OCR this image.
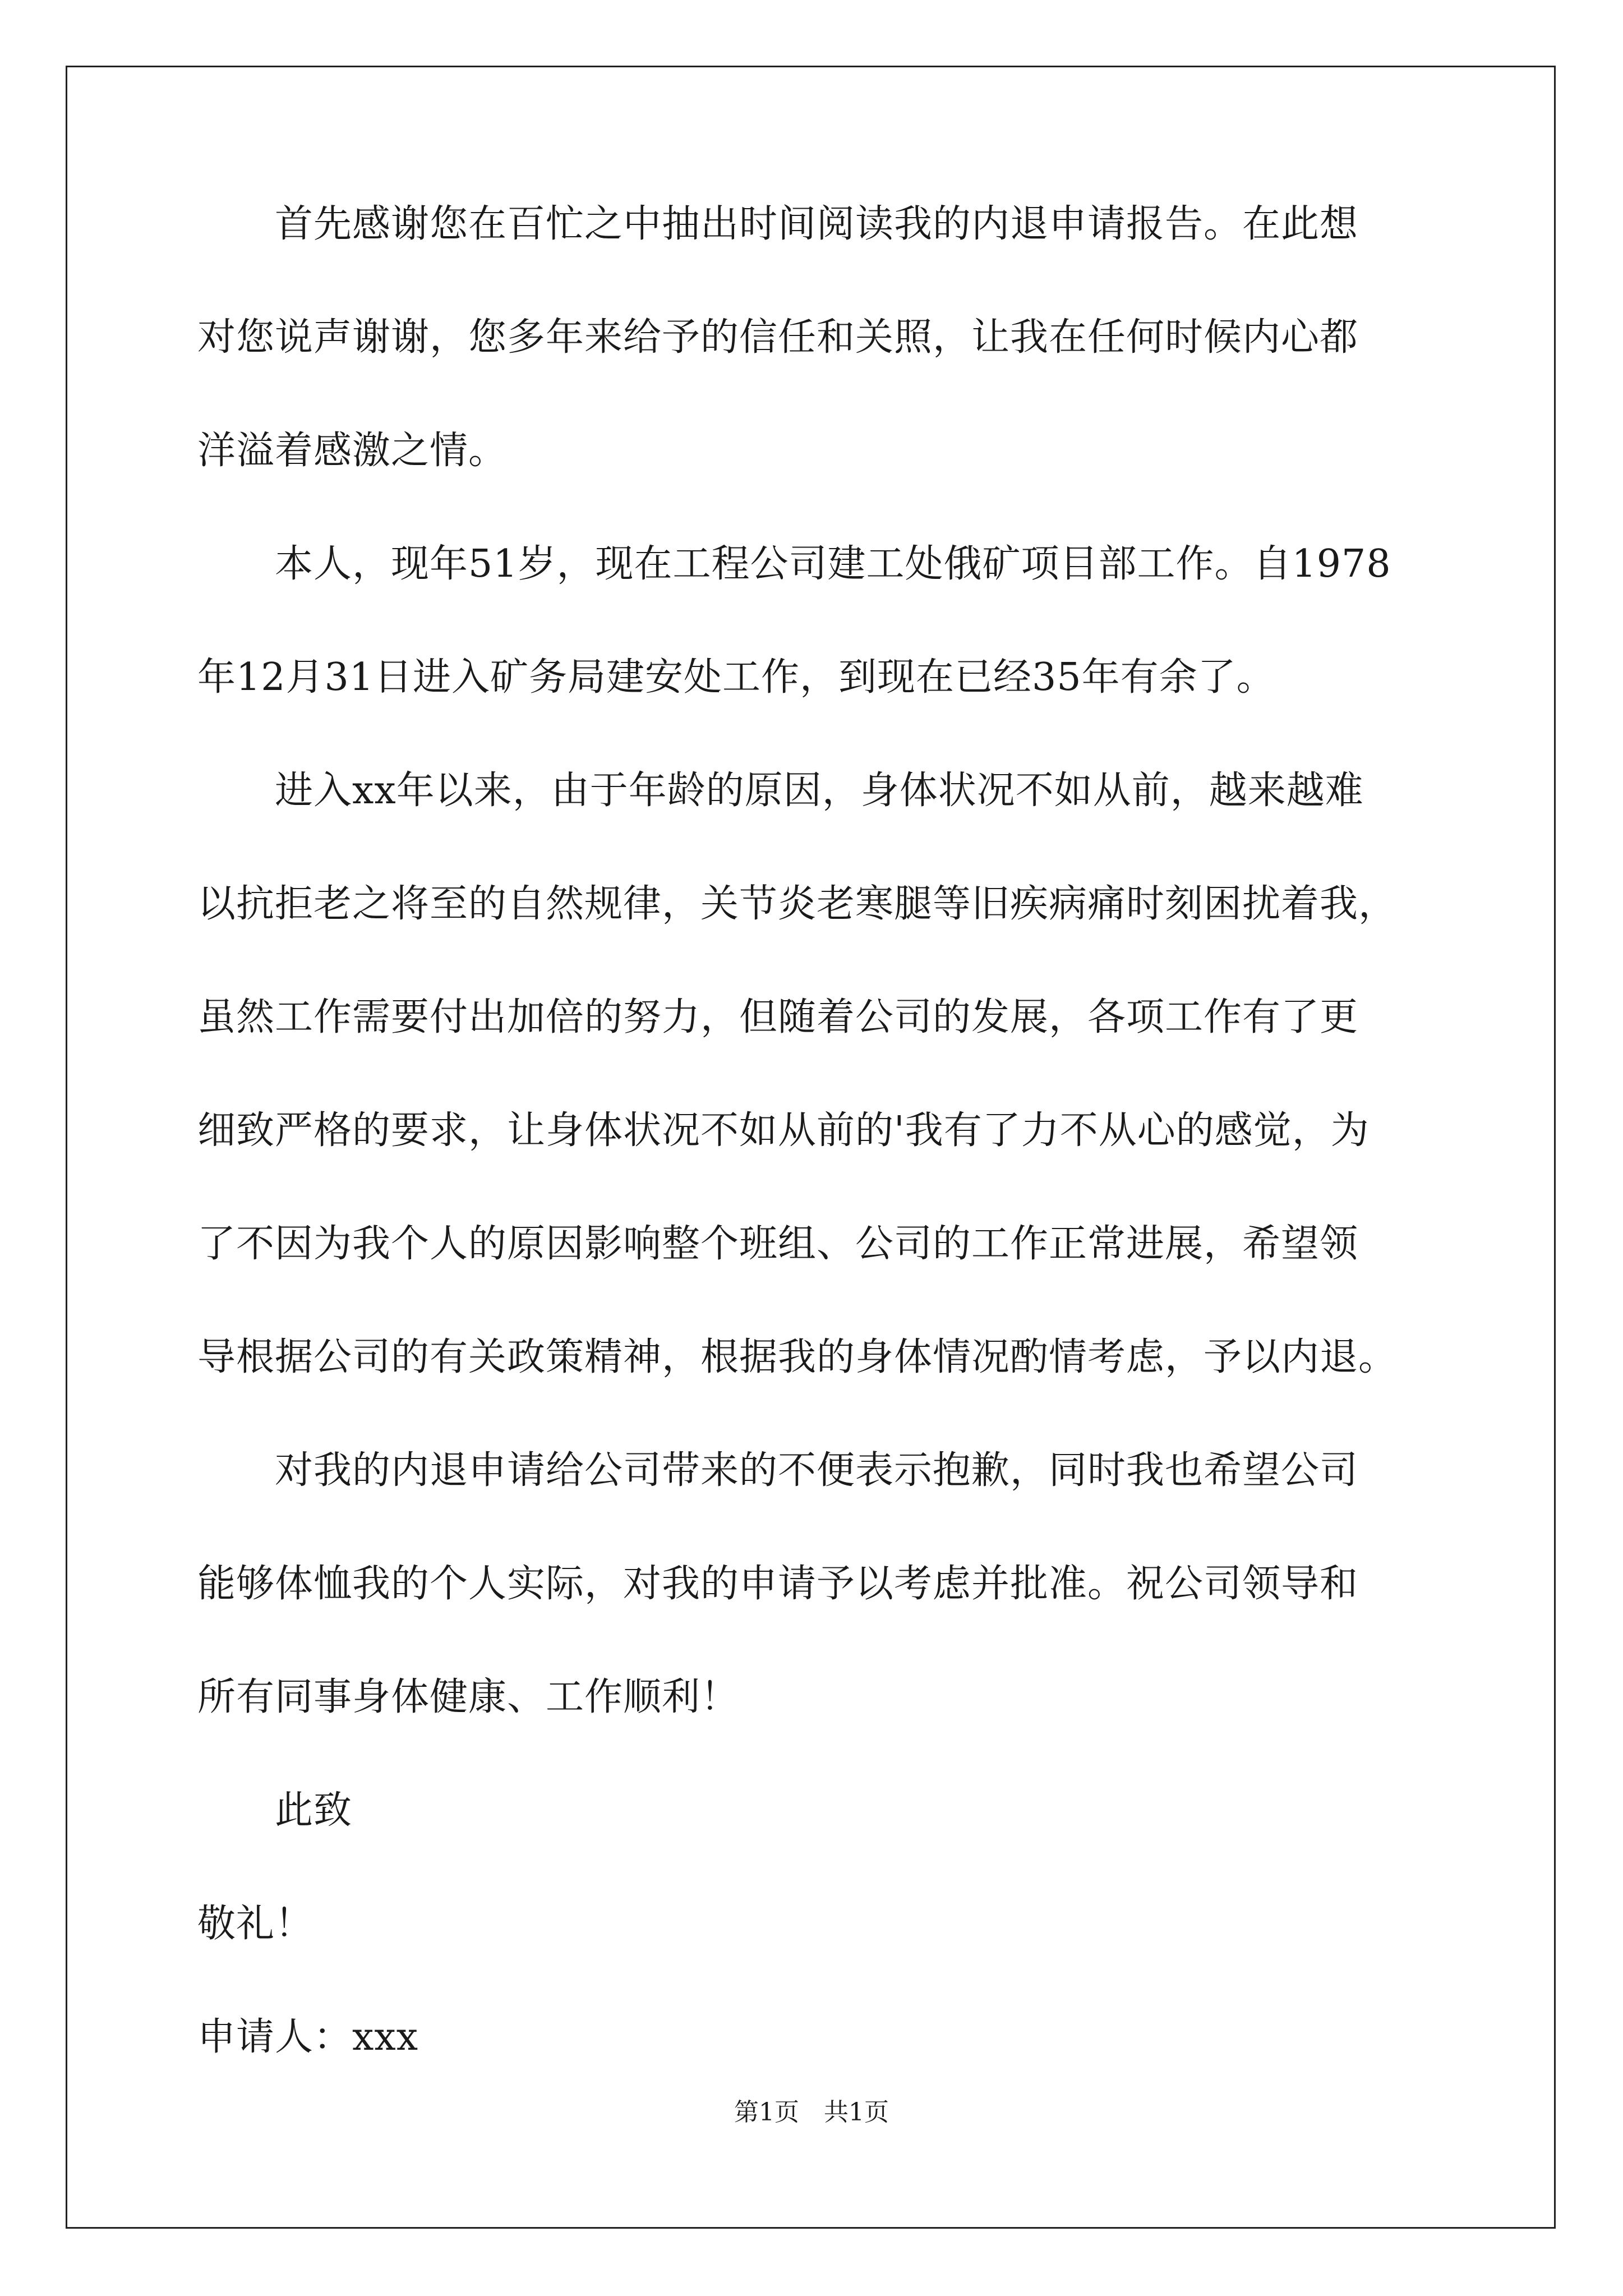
　　首先感谢您在百忙之中抽出时间阅读我的内退申请报告。在此想
对您说声谢谢，您多年来给予的信任和关照，让我在任何时候内心都
洋溢着感激之情。
　　本人，现年51岁，现在工程公司建工处俄矿项目部工作。自1978
年12月31日进入矿务局建安处工作，到现在已经35年有余了。
　　进入xx年以来，由于年龄的原因，身体状况不如从前，越来越难
以抗拒老之将至的自然规律，关节炎老寒腿等旧疾病痛时刻困扰着我，
虽然工作需要付出加倍的努力，但随着公司的发展，各项工作有了更
细致严格的要求，让身体状况不如从前的'我有了力不从心的感觉，为
了不因为我个人的原因影响整个班组、公司的工作正常进展，希望领
导根据公司的有关政策精神，根据我的身体情况酌情考虑，予以内退。
　　对我的内退申请给公司带来的不便表示抱歉，同时我也希望公司
能够体恤我的个人实际，对我的申请予以考虑并批准。祝公司领导和
所有同事身体健康、工作顺利！
　　此致
敬礼！
申请人：xxx
第1页　共1页
